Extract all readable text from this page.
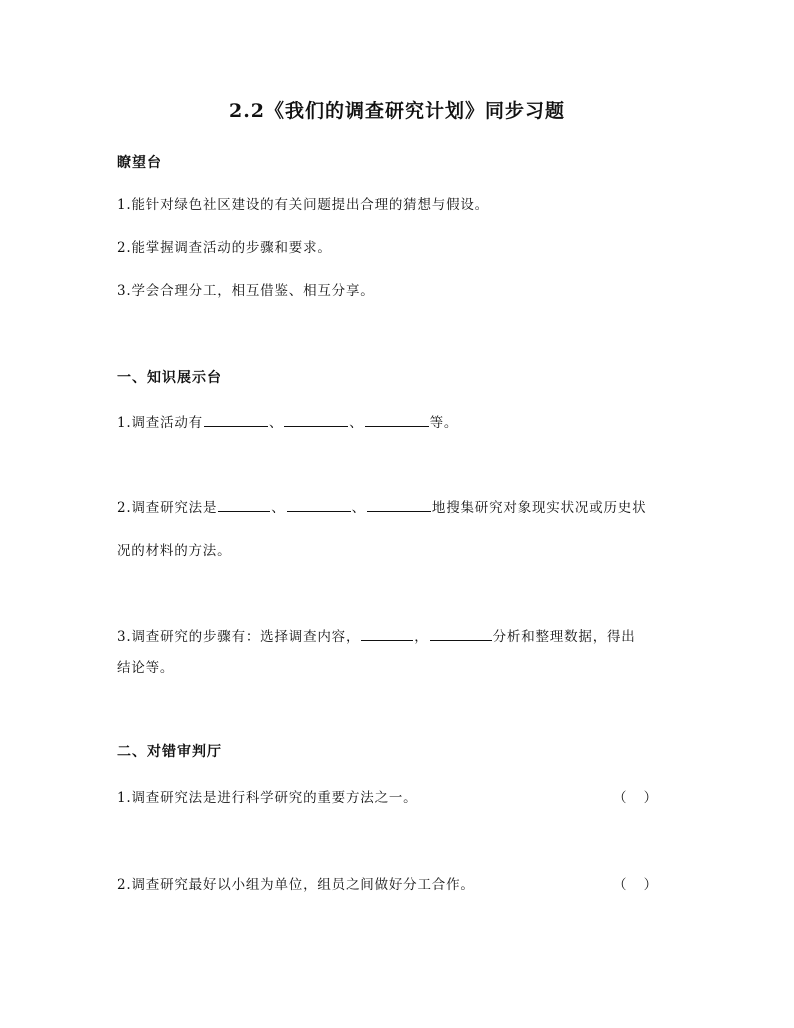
2.2《我们的调查研究计划》同步习题
瞭望台
1.能针对绿色社区建设的有关问题提出合理的猜想与假设。
2.能掌握调查活动的步骤和要求。
3.学会合理分工，相互借鉴、相互分享。
一、知识展示台
1.调查活动有	、	、	等。
2.调查研究法是	、	、	地搜集研究对象现实状况或历史状
况的材料的方法。
3.调查研究的步骤有：选择调查内容，	，	分析和整理数据，得出
结论等。
二、对错审判厅
1.调查研究法是进行科学研究的重要方法之一。	（    ）
2.调查研究最好以小组为单位，组员之间做好分工合作。	（    ）
